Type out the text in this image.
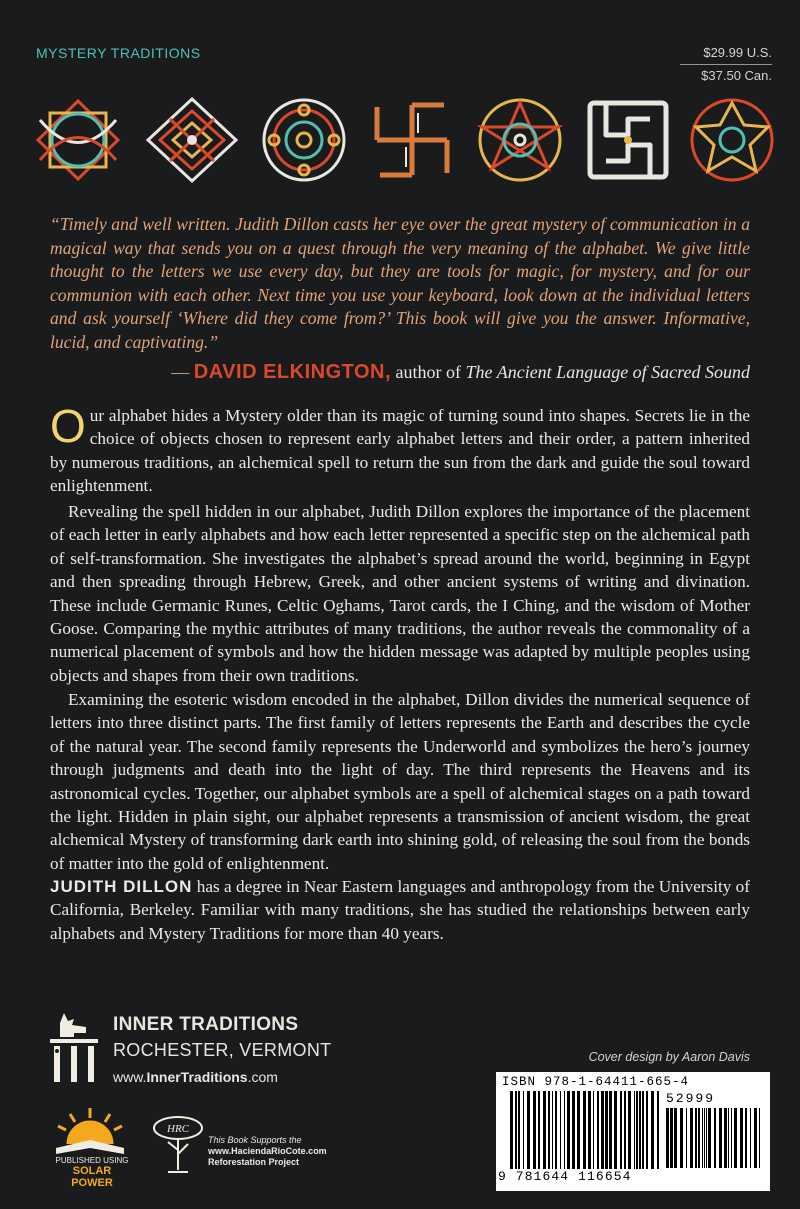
MYSTERY TRADITIONS	$29.99 U.S.
$37.50 Can.
“Timely and well written. Judith Dillon casts her eye over the great mystery of communication in a magical way that sends you on a quest through the very meaning of the alphabet. We give little thought to the letters we use every day, but they are tools for magic, for mystery, and for our communion with each other. Next time you use your keyboard, look down at the individual letters and ask yourself ‘Where did they come from?’ This book will give you the answer. Informative, lucid, and captivating.”
— DAVID ELKINGTON, author of The Ancient Language of Sacred Sound
Our alphabet hides a Mystery older than its magic of turning sound into shapes. Secrets lie in the choice of objects chosen to represent early alphabet letters and their order, a pattern inherited by numerous traditions, an alchemical spell to return the sun from the dark and guide the soul toward enlightenment.
Revealing the spell hidden in our alphabet, Judith Dillon explores the importance of the placement of each letter in early alphabets and how each letter represented a specific step on the alchemical path of self-transformation. She investigates the alphabet’s spread around the world, beginning in Egypt and then spreading through Hebrew, Greek, and other ancient systems of writing and divination. These include Germanic Runes, Celtic Oghams, Tarot cards, the I Ching, and the wisdom of Mother Goose. Comparing the mythic attributes of many traditions, the author reveals the commonality of a numerical placement of symbols and how the hidden message was adapted by multiple peoples using objects and shapes from their own traditions.
Examining the esoteric wisdom encoded in the alphabet, Dillon divides the numerical sequence of letters into three distinct parts. The first family of letters represents the Earth and describes the cycle of the natural year. The second family represents the Underworld and symbolizes the hero’s journey through judgments and death into the light of day. The third represents the Heavens and its astronomical cycles. Together, our alphabet symbols are a spell of alchemical stages on a path toward the light. Hidden in plain sight, our alphabet represents a transmission of ancient wisdom, the great alchemical Mystery of transforming dark earth into shining gold, of releasing the soul from the bonds of matter into the gold of enlightenment.
JUDITH DILLON has a degree in Near Eastern languages and anthropology from the University of California, Berkeley. Familiar with many traditions, she has studied the relationships between early alphabets and Mystery Traditions for more than 40 years.
INNER TRADITIONS
ROCHESTER, VERMONT
www.InnerTraditions.com
Cover design by Aaron Davis
ISBN 978-1-64411-665-4
52999
9 781644 116654
PUBLISHED USING
SOLAR POWER
HRC
This Book Supports the
www.HaciendaRioCote.com
Reforestation Project
